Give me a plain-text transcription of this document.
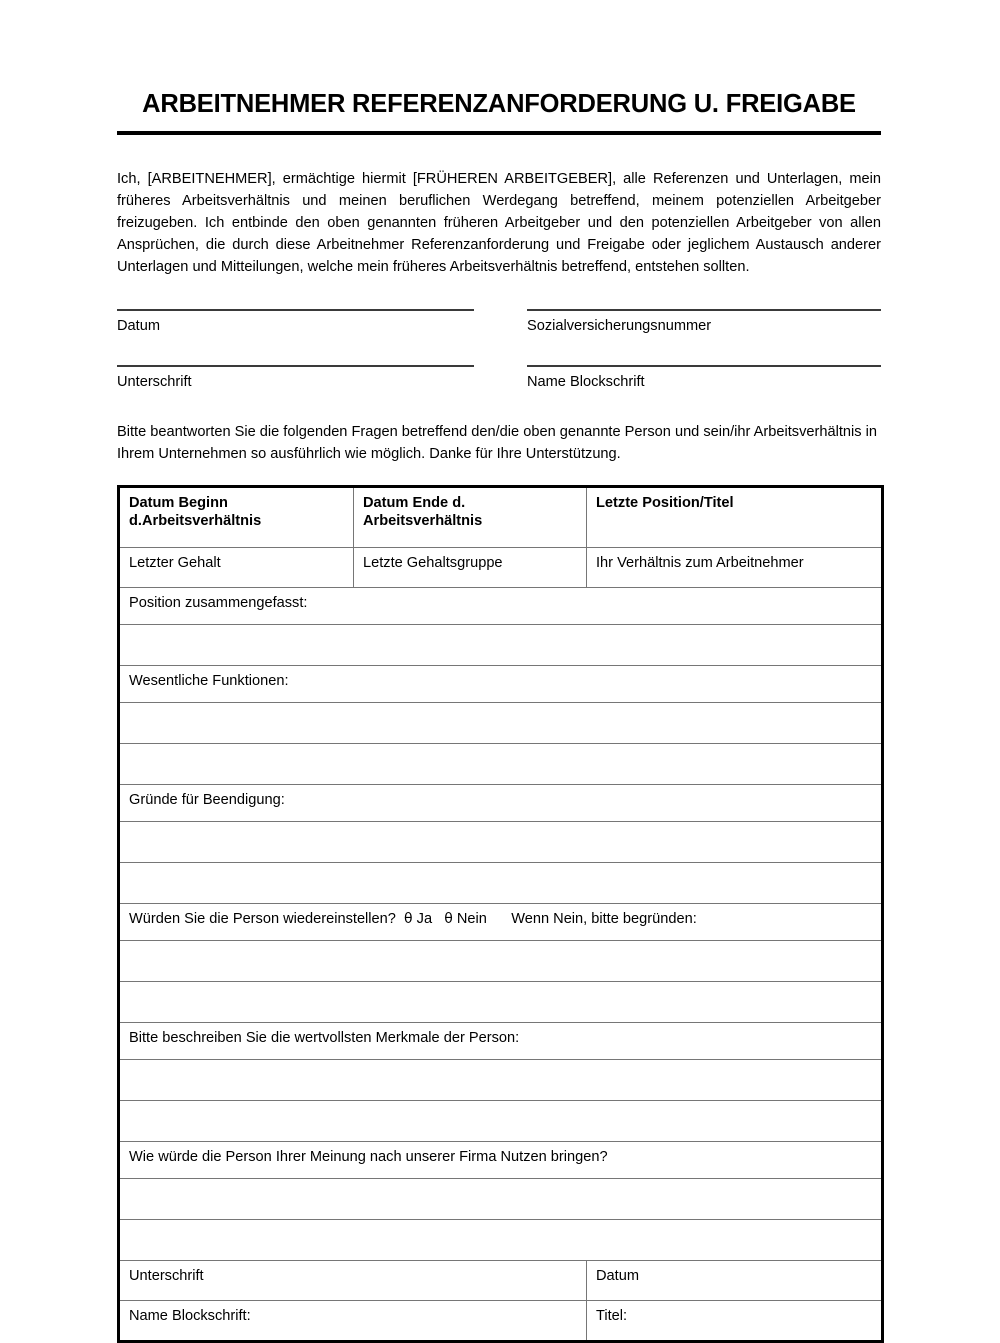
ARBEITNEHMER REFERENZANFORDERUNG U. FREIGABE

Ich, [ARBEITNEHMER], ermächtige hiermit [FRÜHEREN ARBEITGEBER], alle Referenzen und Unterlagen, mein früheres Arbeitsverhältnis und meinen beruflichen Werdegang betreffend, meinem potenziellen Arbeitgeber freizugeben. Ich entbinde den oben genannten früheren Arbeitgeber und den potenziellen Arbeitgeber von allen Ansprüchen, die durch diese Arbeitnehmer Referenzanforderung und Freigabe oder jeglichem Austausch anderer Unterlagen und Mitteilungen, welche mein früheres Arbeitsverhältnis betreffend, entstehen sollten.

Datum	Sozialversicherungsnummer
Unterschrift	Name Blockschrift

Bitte beantworten Sie die folgenden Fragen betreffend den/die oben genannte Person und sein/ihr Arbeitsverhältnis in Ihrem Unternehmen so ausführlich wie möglich. Danke für Ihre Unterstützung.

Datum Beginn d.Arbeitsverhältnis	Datum Ende d. Arbeitsverhältnis	Letzte Position/Titel
Letzter Gehalt	Letzte Gehaltsgruppe	Ihr Verhältnis zum Arbeitnehmer
Position zusammengefasst:		

Wesentliche Funktionen:		

Gründe für Beendigung:		

Würden Sie die Person wiedereinstellen? θ Ja θ Nein Wenn Nein, bitte begründen:		

Bitte beschreiben Sie die wertvollsten Merkmale der Person:		

Wie würde die Person Ihrer Meinung nach unserer Firma Nutzen bringen?		

Unterschrift		Datum
Name Blockschrift:		Titel:
